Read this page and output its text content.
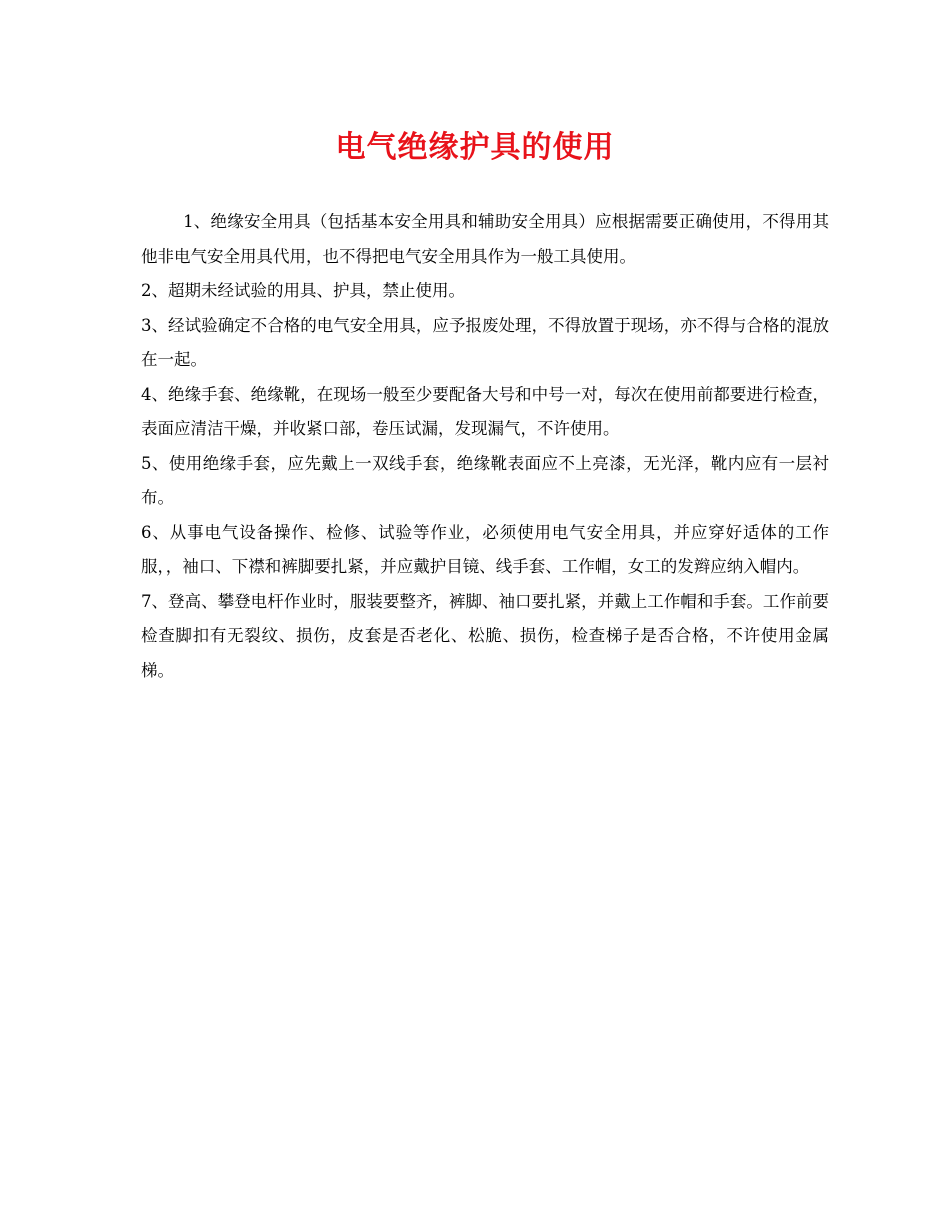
电气绝缘护具的使用

1、绝缘安全用具（包括基本安全用具和辅助安全用具）应根据需要正确使用，不得用其他非电气安全用具代用，也不得把电气安全用具作为一般工具使用。

2、超期未经试验的用具、护具，禁止使用。

3、经试验确定不合格的电气安全用具，应予报废处理，不得放置于现场，亦不得与合格的混放在一起。

4、绝缘手套、绝缘靴，在现场一般至少要配备大号和中号一对，每次在使用前都要进行检查，表面应清洁干燥，并收紧口部，卷压试漏，发现漏气，不许使用。

5、使用绝缘手套，应先戴上一双线手套，绝缘靴表面应不上亮漆，无光泽，靴内应有一层衬布。

6、从事电气设备操作、检修、试验等作业，必须使用电气安全用具，并应穿好适体的工作服，，袖口、下襟和裤脚要扎紧，并应戴护目镜、线手套、工作帽，女工的发辫应纳入帽内。

7、登高、攀登电杆作业时，服装要整齐，裤脚、袖口要扎紧，并戴上工作帽和手套。工作前要检查脚扣有无裂纹、损伤，皮套是否老化、松脆、损伤，检查梯子是否合格，不许使用金属梯。
